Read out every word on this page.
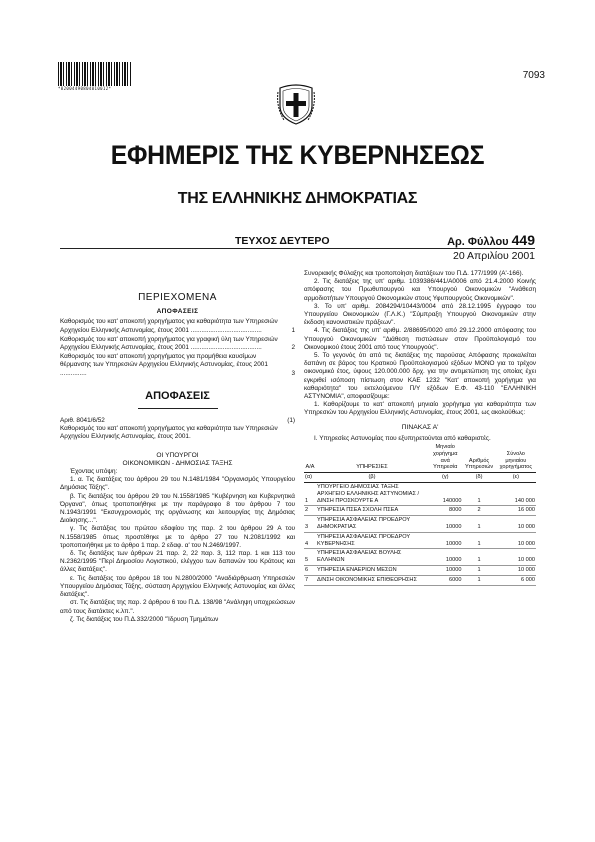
*02004490804010012*
7093
ΕΦΗΜΕΡΙΣ ΤΗΣ ΚΥΒΕΡΝΗΣΕΩΣ
ΤΗΣ ΕΛΛΗΝΙΚΗΣ ΔΗΜΟΚΡΑΤΙΑΣ
ΤΕΥΧΟΣ ΔΕΥΤΕΡΟ	Αρ. Φύλλου 449
20 Απριλίου 2001
ΠΕΡΙΕΧΟΜΕΝΑ
ΑΠΟΦΑΣΕΙΣ
Καθορισμός του κατ' αποκοπή χορηγήματος για καθαριότητα των Υπηρεσιών Αρχηγείου Ελληνικής Αστυνομίας, έτους 2001 ........................................	1
Καθορισμός του κατ' αποκοπή χορηγήματος για γραφική ύλη των Υπηρεσιών Αρχηγείου Ελληνικής Αστυνομίας, έτους 2001 ........................................	2
Καθορισμός του κατ' αποκοπή χορηγήματος για προμήθεια καυσίμων θέρμανσης των Υπηρεσιών Αρχηγείου Ελληνικής Αστυνομίας, έτους 2001 ...............	3
ΑΠΟΦΑΣΕΙΣ
Αριθ. 8041/6/52	(1)
Καθορισμός του κατ' αποκοπή χορηγήματος για καθαριότητα των Υπηρεσιών Αρχηγείου Ελληνικής Αστυνομίας, έτους 2001.
ΟΙ ΥΠΟΥΡΓΟΙ
ΟΙΚΟΝΟΜΙΚΩΝ - ΔΗΜΟΣΙΑΣ ΤΑΞΗΣ
Έχοντας υπόψη:
1. α. Τις διατάξεις του άρθρου 29 του Ν.1481/1984 "Οργανισμός Υπουργείου Δημόσιας Τάξης".
β. Τις διατάξεις του άρθρου 29 του Ν.1558/1985 "Κυβέρνηση και Κυβερνητικά Όργανα", όπως τροποποιήθηκε με την παράγραφο 8 του άρθρου 7 του Ν.1943/1991 "Εκσυγχρονισμός της οργάνωσης και λειτουργίας της Δημόσιας Διοίκησης...".
γ. Τις διατάξεις του πρώτου εδαφίου της παρ. 2 του άρθρου 29 Α του Ν.1558/1985 όπως προστέθηκε με το άρθρο 27 του Ν.2081/1992 και τροποποιήθηκε με το άρθρο 1 παρ. 2 εδαφ. α' του Ν.2469/1997.
δ. Τις διατάξεις των άρθρων 21 παρ. 2, 22 παρ. 3, 112 παρ. 1 και 113 του Ν.2362/1995 "Περί Δημοσίου Λογιστικού, ελέγχου των δαπανών του Κράτους και άλλες διατάξεις".
ε. Τις διατάξεις του άρθρου 18 του Ν.2800/2000 "Αναδιάρθρωση Υπηρεσιών Υπουργείου Δημόσιας Τάξης, σύσταση Αρχηγείου Ελληνικής Αστυνομίας και άλλες διατάξεις".
στ. Τις διατάξεις της παρ. 2 άρθρου 6 του Π.Δ. 138/98 "Ανάληψη υποχρεώσεων από τους διατάκτες κ.λπ.".
ζ. Τις διατάξεις του Π.Δ.332/2000 "Ίδρυση Τμημάτων
Συνοριακής Φύλαξης και τροποποίηση διατάξεων του Π.Δ. 177/1999 (Α'-166).
2. Τις διατάξεις της υπ' αριθμ. 1039386/441/Α0006 από 21.4.2000 Κοινής απόφασης του Πρωθυπουργού και Υπουργού Οικονομικών "Ανάθεση αρμοδιοτήτων Υπουργού Οικονομικών στους Υφυπουργούς Οικονομικών".
3. Το υπ' αριθμ. 2084294/10443/0004 από 28.12.1995 έγγραφο του Υπουργείου Οικονομικών (Γ.Λ.Κ.) "Σύμπραξη Υπουργού Οικονομικών στην έκδοση κανονιστικών πράξεων".
4. Τις διατάξεις της υπ' αριθμ. 2/88695/0020 από 29.12.2000 απόφασης του Υπουργού Οικονομικών "Διάθεση πιστώσεων στον Προϋπολογισμό του Οικονομικού έτους 2001 από τους Υπουργούς".
5. Το γεγονός ότι από τις διατάξεις της παρούσας Απόφασης προκαλείται δαπάνη σε βάρος του Κρατικού Προϋπολογισμού εξόδων ΜΟΝΟ για το τρέχον οικονομικό έτος, ύψους 120.000.000 δρχ. για την αντιμετώπιση της οποίας έχει εγκριθεί ισόποση πίστωση στον ΚΑΕ 1232 "Κατ' αποκοπή χορήγημα για καθαριότητα" του εκτελούμενου Π/Υ εξόδων Ε.Φ. 43-110 "ΕΛΛΗΝΙΚΗ ΑΣΤΥΝΟΜΙΑ", αποφασίζουμε:
1. Καθορίζουμε το κατ' αποκοπή μηνιαίο χορήγημα για καθαριότητα των Υπηρεσιών του Αρχηγείου Ελληνικής Αστυνομίας, έτους 2001, ως ακολούθως:
ΠΙΝΑΚΑΣ Α'
Ι. Υπηρεσίες Αστυνομίας που εξυπηρετούνται από καθαριστές.
Α/Α	ΥΠΗΡΕΣΙΕΣ	Μηνιαίο χορήγημα ανά Υπηρεσία	Αριθμός Υπηρεσιών	Σύνολο μηνιαίου χορηγήματος
(α)	(β)	(γ)	(δ)	(ε)
1	ΥΠΟΥΡΓΕΙΟ ΔΗΜΟΣΙΑΣ ΤΑΞΗΣ ΑΡΧΗΓΕΙΟ ΕΛΛΗΝΙΚΗΣ ΑΣΤΥΝΟΜΙΑΣ / ΔΙΝΣΗ ΠΡΟΣΚΟΥΡΤΕ Α	140000	1	140 000
2	ΥΠΗΡΕΣΙΑ ΠΣΕΑ ΣΧΟΛΗ ΠΣΕΑ	8000	2	16 000
3	ΥΠΗΡΕΣΙΑ ΑΣΦΑΛΕΙΑΣ ΠΡΟΕΔΡΟΥ ΔΗΜΟΚΡΑΤΙΑΣ	10000	1	10 000
4	ΥΠΗΡΕΣΙΑ ΑΣΦΑΛΕΙΑΣ ΠΡΟΕΔΡΟΥ ΚΥΒΕΡΝΗΣΗΣ	10000	1	10 000
5	ΥΠΗΡΕΣΙΑ ΑΣΦΑΛΕΙΑΣ ΒΟΥΛΗΣ ΕΛΛΗΝΩΝ	10000	1	10 000
6	ΥΠΗΡΕΣΙΑ ΕΝΑΕΡΙΩΝ ΜΕΣΩΝ	10000	1	10 000
7	Δ/ΝΣΗ ΟΙΚΟΝΟΜΙΚΗΣ ΕΠΙΘΕΩΡΗΣΗΣ	6000	1	6 000
